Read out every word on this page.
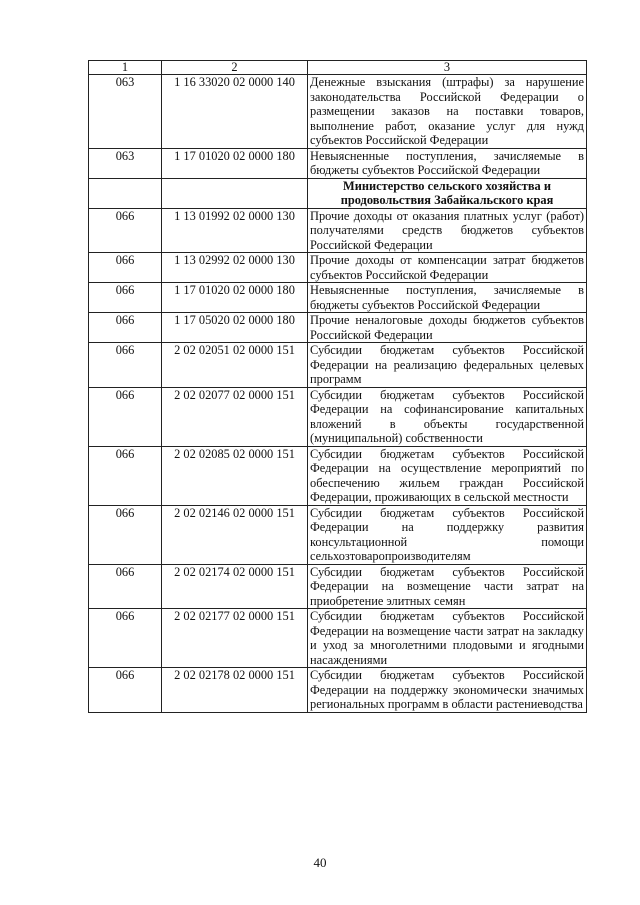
1	2	3
063	1 16 33020 02 0000 140	Денежные взыскания (штрафы) за нарушение законодательства Российской Федерации о размещении заказов на поставки товаров, выполнение работ, оказание услуг для нужд субъектов Российской Федерации
063	1 17 01020 02 0000 180	Невыясненные поступления, зачисляемые в бюджеты субъектов Российской Федерации
		Министерство сельского хозяйства и продовольствия Забайкальского края
066	1 13 01992 02 0000 130	Прочие доходы от оказания платных услуг (работ) получателями средств бюджетов субъектов Российской Федерации
066	1 13 02992 02 0000 130	Прочие доходы от компенсации затрат бюджетов субъектов Российской Федерации
066	1 17 01020 02 0000 180	Невыясненные поступления, зачисляемые в бюджеты субъектов Российской Федерации
066	1 17 05020 02 0000 180	Прочие неналоговые доходы бюджетов субъектов Российской Федерации
066	2 02 02051 02 0000 151	Субсидии бюджетам субъектов Российской Федерации на реализацию федеральных целевых программ
066	2 02 02077 02 0000 151	Субсидии бюджетам субъектов Российской Федерации на софинансирование капитальных вложений в объекты государственной (муниципальной) собственности
066	2 02 02085 02 0000 151	Субсидии бюджетам субъектов Российской Федерации на осуществление мероприятий по обеспечению жильем граждан Российской Федерации, проживающих в сельской местности
066	2 02 02146 02 0000 151	Субсидии бюджетам субъектов Российской Федерации на поддержку развития консультационной помощи сельхозтоваропроизводителям
066	2 02 02174 02 0000 151	Субсидии бюджетам субъектов Российской Федерации на возмещение части затрат на приобретение элитных семян
066	2 02 02177 02 0000 151	Субсидии бюджетам субъектов Российской Федерации на возмещение части затрат на закладку и уход за многолетними плодовыми и ягодными насаждениями
066	2 02 02178 02 0000 151	Субсидии бюджетам субъектов Российской Федерации на поддержку экономически значимых региональных программ в области растениеводства
40
